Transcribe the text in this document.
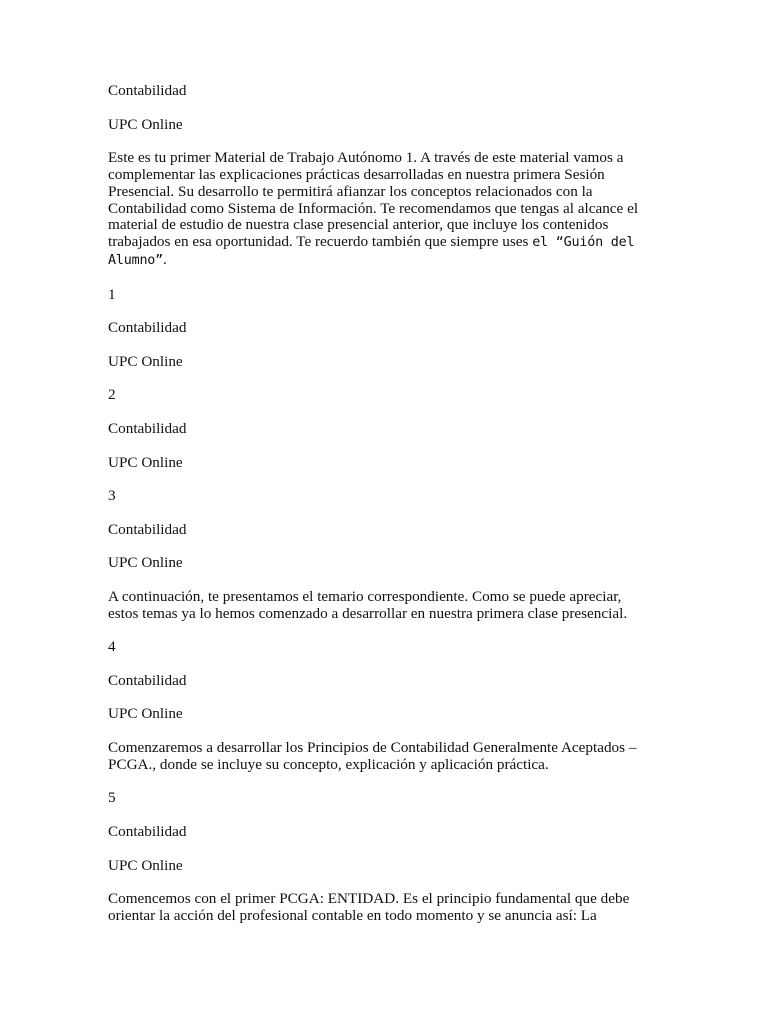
Contabilidad

UPC Online

Este es tu primer Material de Trabajo Autónomo 1. A través de este material vamos a
complementar las explicaciones prácticas desarrolladas en nuestra primera Sesión
Presencial. Su desarrollo te permitirá afianzar los conceptos relacionados con la
Contabilidad como Sistema de Información. Te recomendamos que tengas al alcance el
material de estudio de nuestra clase presencial anterior, que incluye los contenidos
trabajados en esa oportunidad. Te recuerdo también que siempre uses el “Guión del
Alumno”.

1

Contabilidad

UPC Online

2

Contabilidad

UPC Online

3

Contabilidad

UPC Online

A continuación, te presentamos el temario correspondiente. Como se puede apreciar,
estos temas ya lo hemos comenzado a desarrollar en nuestra primera clase presencial.

4

Contabilidad

UPC Online

Comenzaremos a desarrollar los Principios de Contabilidad Generalmente Aceptados –
PCGA., donde se incluye su concepto, explicación y aplicación práctica.

5

Contabilidad

UPC Online

Comencemos con el primer PCGA: ENTIDAD. Es el principio fundamental que debe
orientar la acción del profesional contable en todo momento y se anuncia así: La
